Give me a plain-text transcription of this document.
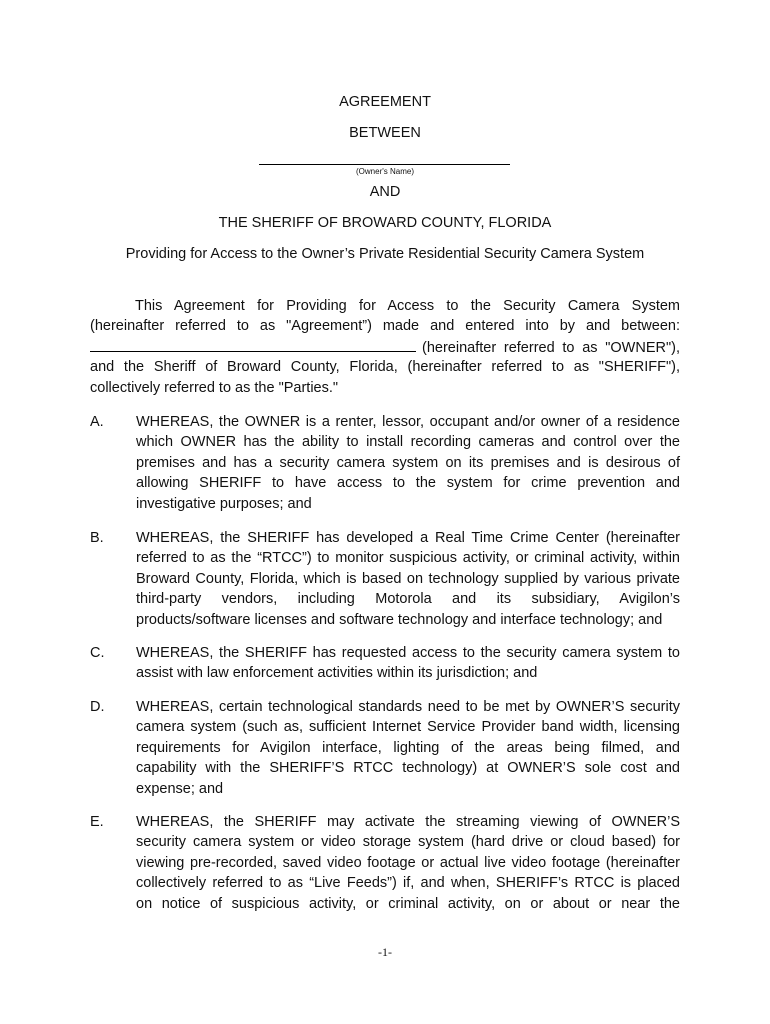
AGREEMENT
BETWEEN
(Owner's Name)
AND
THE SHERIFF OF BROWARD COUNTY, FLORIDA
Providing for Access to the Owner’s Private Residential Security Camera System
This Agreement for Providing for Access to the Security Camera System
(hereinafter referred to as "Agreement”) made and entered into by and between:
(hereinafter referred to as "OWNER"),
and the Sheriff of Broward County, Florida, (hereinafter referred to as "SHERIFF"),
collectively referred to as the "Parties."
A.	WHEREAS, the OWNER is a renter, lessor, occupant and/or owner of a residence
which OWNER has the ability to install recording cameras and control over the
premises and has a security camera system on its premises and is desirous of
allowing SHERIFF to have access to the system for crime prevention and
investigative purposes; and
B.	WHEREAS, the SHERIFF has developed a Real Time Crime Center (hereinafter
referred to as the “RTCC”) to monitor suspicious activity, or criminal activity, within
Broward County, Florida, which is based on technology supplied by various private
third-party vendors, including Motorola and its subsidiary, Avigilon’s
products/software licenses and software technology and interface technology; and
C.	WHEREAS, the SHERIFF has requested access to the security camera system to
assist with law enforcement activities within its jurisdiction; and
D.	WHEREAS, certain technological standards need to be met by OWNER’S security
camera system (such as, sufficient Internet Service Provider band width, licensing
requirements for Avigilon interface, lighting of the areas being filmed, and
capability with the SHERIFF’S RTCC technology) at OWNER’S sole cost and
expense; and
E.	WHEREAS, the SHERIFF may activate the streaming viewing of OWNER’S
security camera system or video storage system (hard drive or cloud based) for
viewing pre-recorded, saved video footage or actual live video footage (hereinafter
collectively referred to as “Live Feeds”) if, and when, SHERIFF’s RTCC is placed
on notice of suspicious activity, or criminal activity, on or about or near the
-1-
